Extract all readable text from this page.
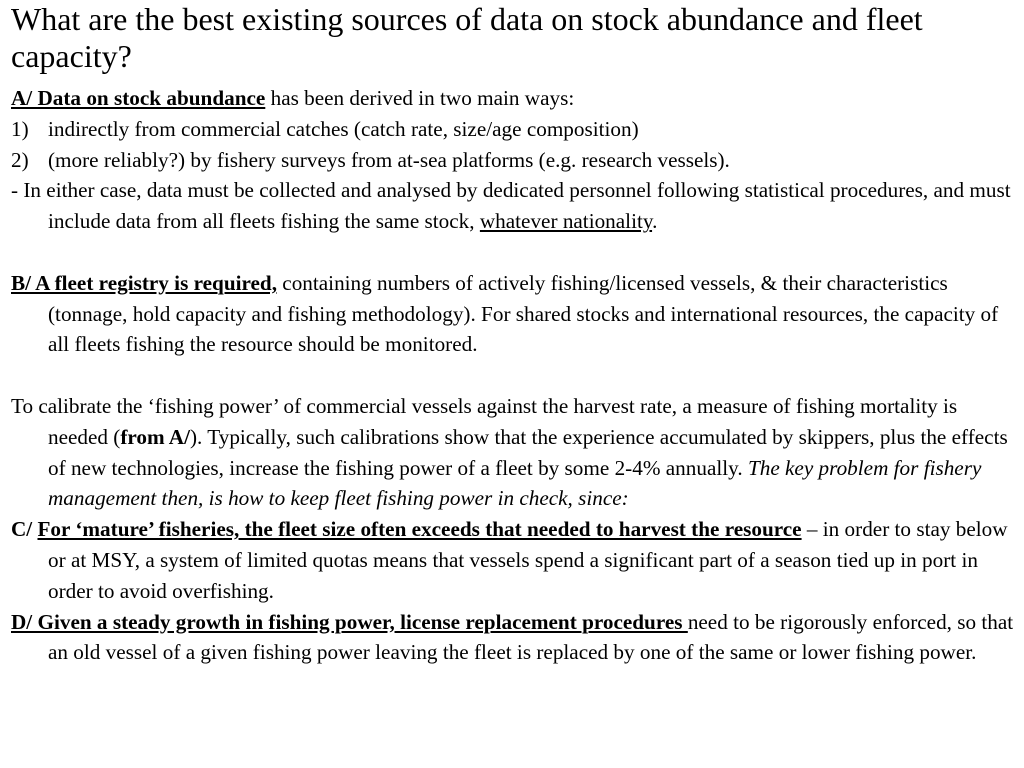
What are the best existing sources of data on stock abundance and fleet capacity?

A/ Data on stock abundance has been derived in two main ways:

1) indirectly from commercial catches (catch rate, size/age composition)
2) (more reliably?) by fishery surveys from at-sea platforms (e.g. research vessels).

- In either case, data must be collected and analysed by dedicated personnel following statistical procedures, and must include data from all fleets fishing the same stock, whatever nationality.

B/ A fleet registry is required, containing numbers of actively fishing/licensed vessels, & their characteristics (tonnage, hold capacity and fishing methodology). For shared stocks and international resources, the capacity of all fleets fishing the resource should be monitored.

To calibrate the ‘fishing power’ of commercial vessels against the harvest rate, a measure of fishing mortality is needed (from A/). Typically, such calibrations show that the experience accumulated by skippers, plus the effects of new technologies, increase the fishing power of a fleet by some 2-4% annually. The key problem for fishery management then, is how to keep fleet fishing power in check, since:

C/ For ‘mature’ fisheries, the fleet size often exceeds that needed to harvest the resource – in order to stay below or at MSY, a system of limited quotas means that vessels spend a significant part of a season tied up in port in order to avoid overfishing.

D/ Given a steady growth in fishing power, license replacement procedures need to be rigorously enforced, so that an old vessel of a given fishing power leaving the fleet is replaced by one of the same or lower fishing power.
